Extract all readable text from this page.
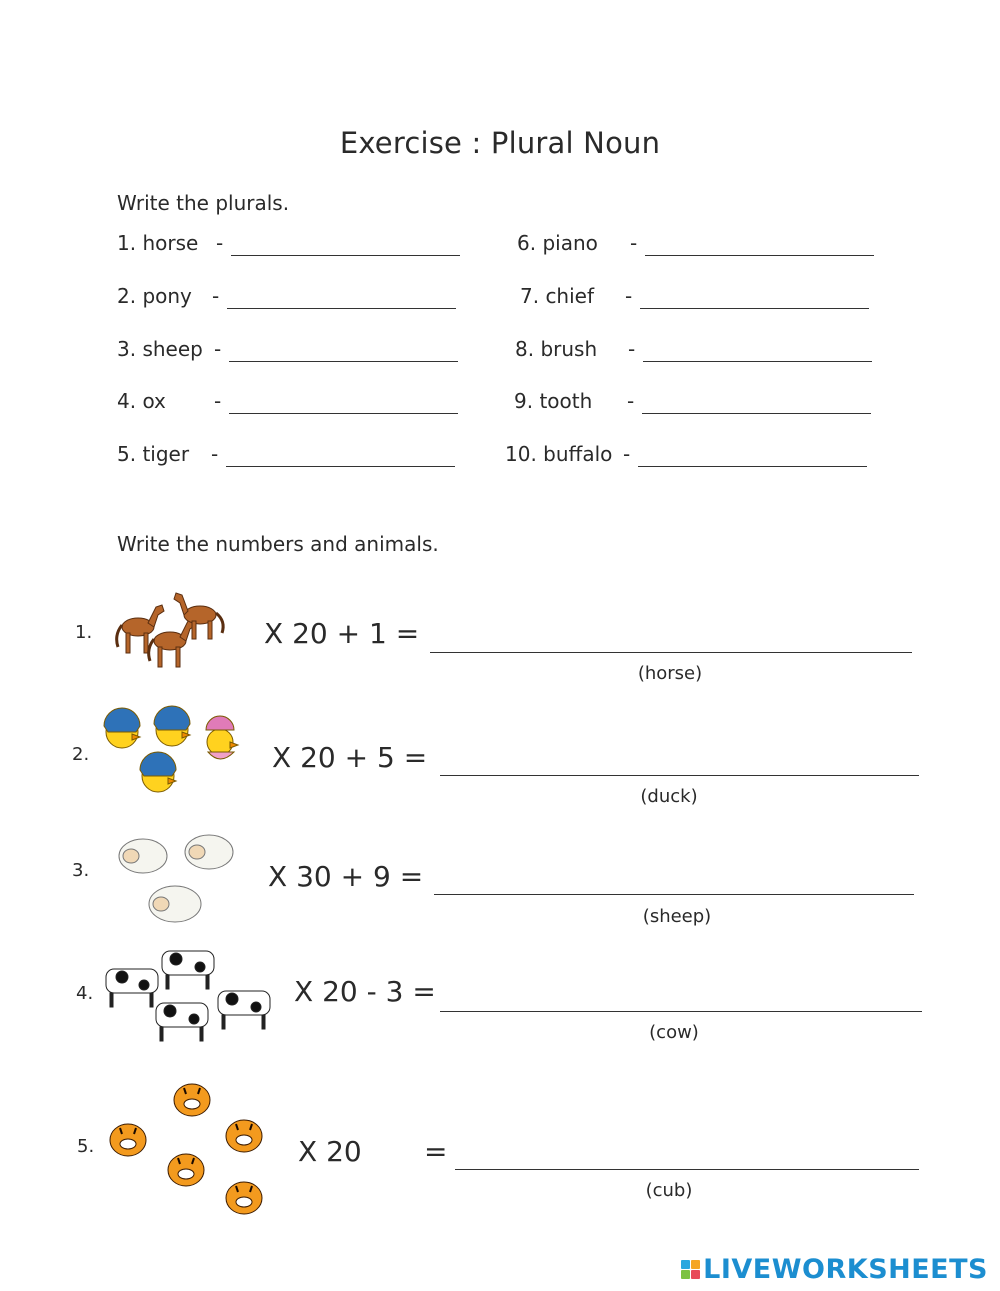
Exercise : Plural Noun
Write the plurals.
1. horse -
2. pony -
3. sheep -
4. ox -
5. tiger -
6. piano -
7. chief -
8. brush -
9. tooth -
10. buffalo -
Write the numbers and animals.
1.	X 20 + 1 =
(horse)
2.	X 20 + 5 =
(duck)
3.	X 30 + 9 =
(sheep)
4.	X 20 - 3 =
(cow)
5.	X 20 =
(cub)
LIVEWORKSHEETS
